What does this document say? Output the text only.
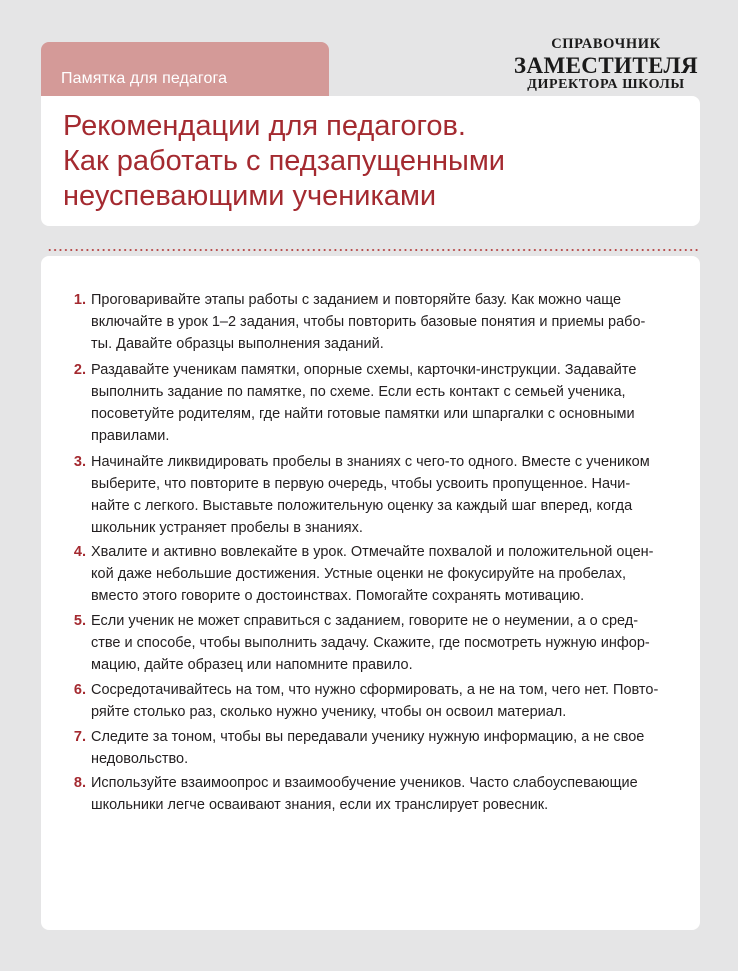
Памятка для педагога
СПРАВОЧНИК
ЗАМЕСТИТЕЛЯ
ДИРЕКТОРА ШКОЛЫ
Рекомендации для педагогов.
Как работать с педзапущенными
неуспевающими учениками
1. Проговаривайте этапы работы с заданием и повторяйте базу. Как можно чаще
включайте в урок 1–2 задания, чтобы повторить базовые понятия и приемы рабо-
ты. Давайте образцы выполнения заданий.
2. Раздавайте ученикам памятки, опорные схемы, карточки-инструкции. Задавайте
выполнить задание по памятке, по схеме. Если есть контакт с семьей ученика,
посоветуйте родителям, где найти готовые памятки или шпаргалки с основными
правилами.
3. Начинайте ликвидировать пробелы в знаниях с чего-то одного. Вместе с учеником
выберите, что повторите в первую очередь, чтобы усвоить пропущенное. Начи-
найте с легкого. Выставьте положительную оценку за каждый шаг вперед, когда
школьник устраняет пробелы в знаниях.
4. Хвалите и активно вовлекайте в урок. Отмечайте похвалой и положительной оцен-
кой даже небольшие достижения. Устные оценки не фокусируйте на пробелах,
вместо этого говорите о достоинствах. Помогайте сохранять мотивацию.
5. Если ученик не может справиться с заданием, говорите не о неумении, а о сред-
стве и способе, чтобы выполнить задачу. Скажите, где посмотреть нужную инфор-
мацию, дайте образец или напомните правило.
6. Сосредотачивайтесь на том, что нужно сформировать, а не на том, чего нет. Повто-
ряйте столько раз, сколько нужно ученику, чтобы он освоил материал.
7. Следите за тоном, чтобы вы передавали ученику нужную информацию, а не свое
недовольство.
8. Используйте взаимоопрос и взаимообучение учеников. Часто слабоуспевающие
школьники легче осваивают знания, если их транслирует ровесник.
